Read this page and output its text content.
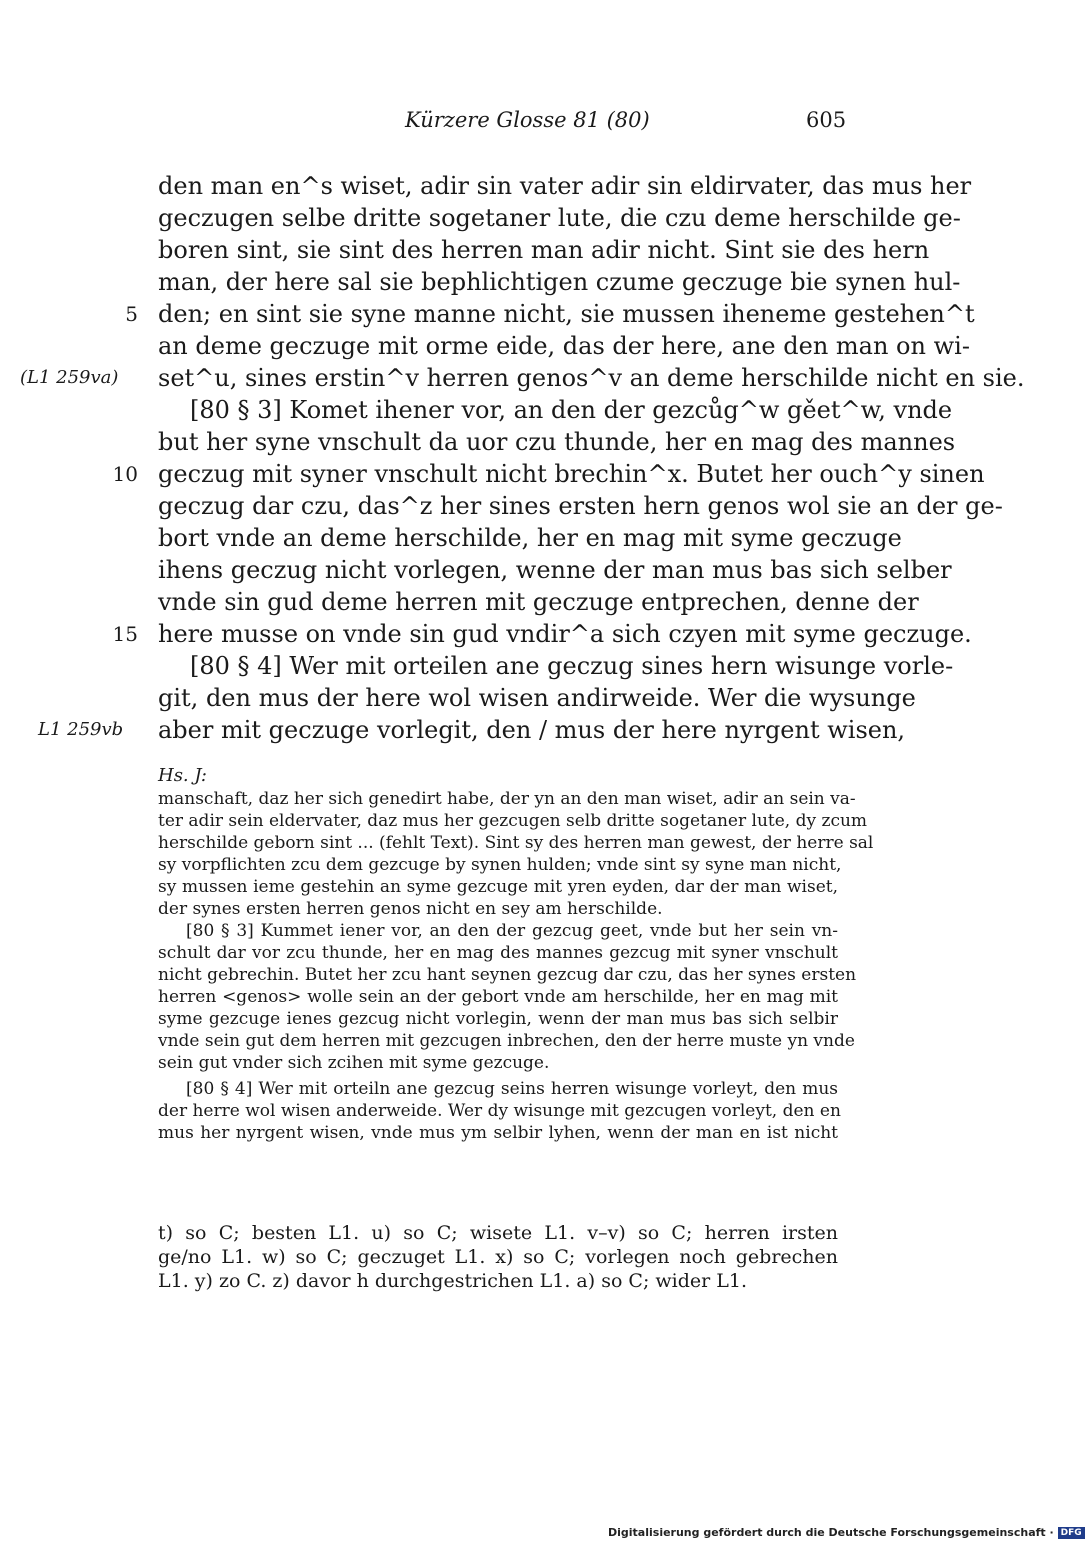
Kürzere Glosse 81 (80)	605
den man en^s wiset, adir sin vater adir sin eldirvater, das mus her
geczugen selbe dritte sogetaner lute, die czu deme herschilde ge-
boren sint, sie sint des herren man adir nicht. Sint sie des hern
man, der here sal sie bephlichtigen czume geczuge bie synen hul-
den; en sint sie syne manne nicht, sie mussen iheneme gestehen^t
an deme geczuge mit orme eide, das der here, ane den man on wi-
set^u, sines erstin^v herren genos^v an deme herschilde nicht en sie.
[80 § 3] Komet ihener vor, an den der gezcůg^w gěet^w, vnde
but her syne vnschult da uor czu thunde, her en mag des mannes
geczug mit syner vnschult nicht brechin^x. Butet her ouch^y sinen
geczug dar czu, das^z her sines ersten hern genos wol sie an der ge-
bort vnde an deme herschilde, her en mag mit syme geczuge
ihens geczug nicht vorlegen, wenne der man mus bas sich selber
vnde sin gud deme herren mit geczuge entprechen, denne der
here musse on vnde sin gud vndir^a sich czyen mit syme geczuge.
[80 § 4] Wer mit orteilen ane geczug sines hern wisunge vorle-
git, den mus der here wol wisen andirweide. Wer die wysunge
aber mit geczuge vorlegit, den / mus der here nyrgent wisen,
5
10
15
(L1 259va)
L1 259vb
Hs. J:
manschaft, daz her sich genedirt habe, der yn an den man wiset, adir an sein va-
ter adir sein eldervater, daz mus her gezcugen selb dritte sogetaner lute, dy zcum
herschilde geborn sint ... (fehlt Text). Sint sy des herren man gewest, der herre sal
sy vorpflichten zcu dem gezcuge by synen hulden; vnde sint sy syne man nicht,
sy mussen ieme gestehin an syme gezcuge mit yren eyden, dar der man wiset,
der synes ersten herren genos nicht en sey am herschilde.
[80 § 3] Kummet iener vor, an den der gezcug geet, vnde but her sein vn-
schult dar vor zcu thunde, her en mag des mannes gezcug mit syner vnschult
nicht gebrechin. Butet her zcu hant seynen gezcug dar czu, das her synes ersten
herren <genos> wolle sein an der gebort vnde am herschilde, her en mag mit
syme gezcuge ienes gezcug nicht vorlegin, wenn der man mus bas sich selbir
vnde sein gut dem herren mit gezcugen inbrechen, den der herre muste yn vnde
sein gut vnder sich zcihen mit syme gezcuge.
[80 § 4] Wer mit orteiln ane gezcug seins herren wisunge vorleyt, den mus
der herre wol wisen anderweide. Wer dy wisunge mit gezcugen vorleyt, den en
mus her nyrgent wisen, vnde mus ym selbir lyhen, wenn der man en ist nicht
t) so C; besten L1. u) so C; wisete L1. v–v) so C; herren irsten
ge/no L1. w) so C; geczuget L1. x) so C; vorlegen noch gebrechen
L1. y) zo C. z) davor h durchgestrichen L1. a) so C; wider L1.
Digitalisierung gefördert durch die Deutsche Forschungsgemeinschaft · DFG
